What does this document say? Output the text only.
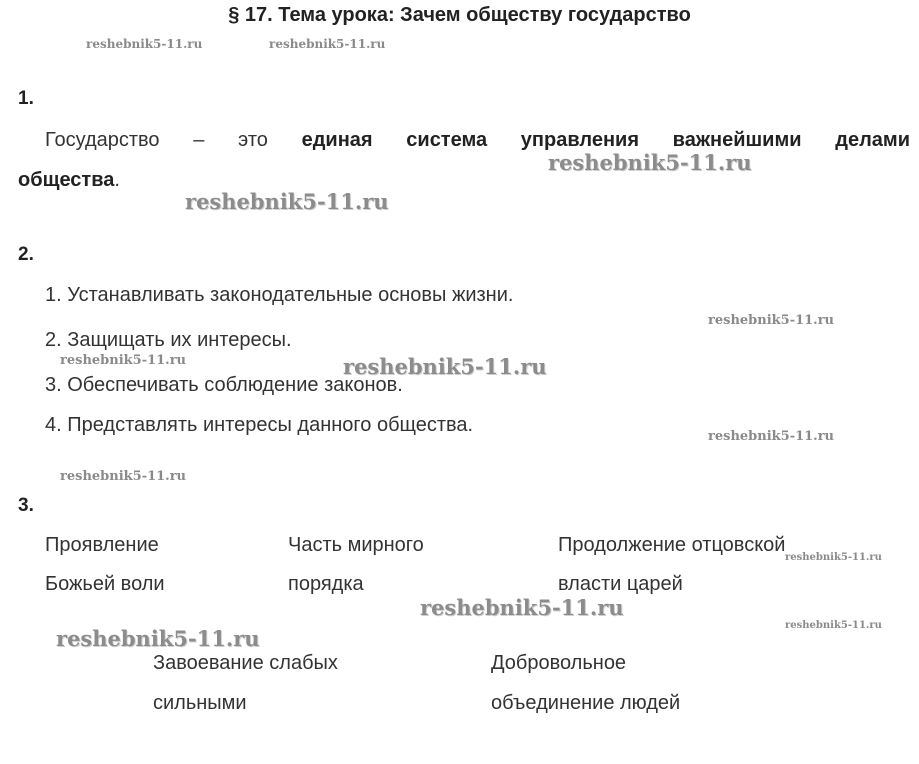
§ 17. Тема урока: Зачем обществу государство
reshebnik5-11.ru	reshebnik5-11.ru
1.
Государство – это единая система управления важнейшими делами
общества.
reshebnik5-11.ru
reshebnik5-11.ru
2.
1. Устанавливать законодательные основы жизни.
reshebnik5-11.ru
2. Защищать их интересы.
reshebnik5-11.ru	reshebnik5-11.ru
3. Обеспечивать соблюдение законов.
4. Представлять интересы данного общества.
reshebnik5-11.ru
reshebnik5-11.ru
3.
Проявление
Божьей воли
Часть мирного
порядка
Продолжение отцовской
reshebnik5-11.ru
власти царей
reshebnik5-11.ru
reshebnik5-11.ru
reshebnik5-11.ru
Завоевание слабых
сильными
Добровольное
объединение людей
